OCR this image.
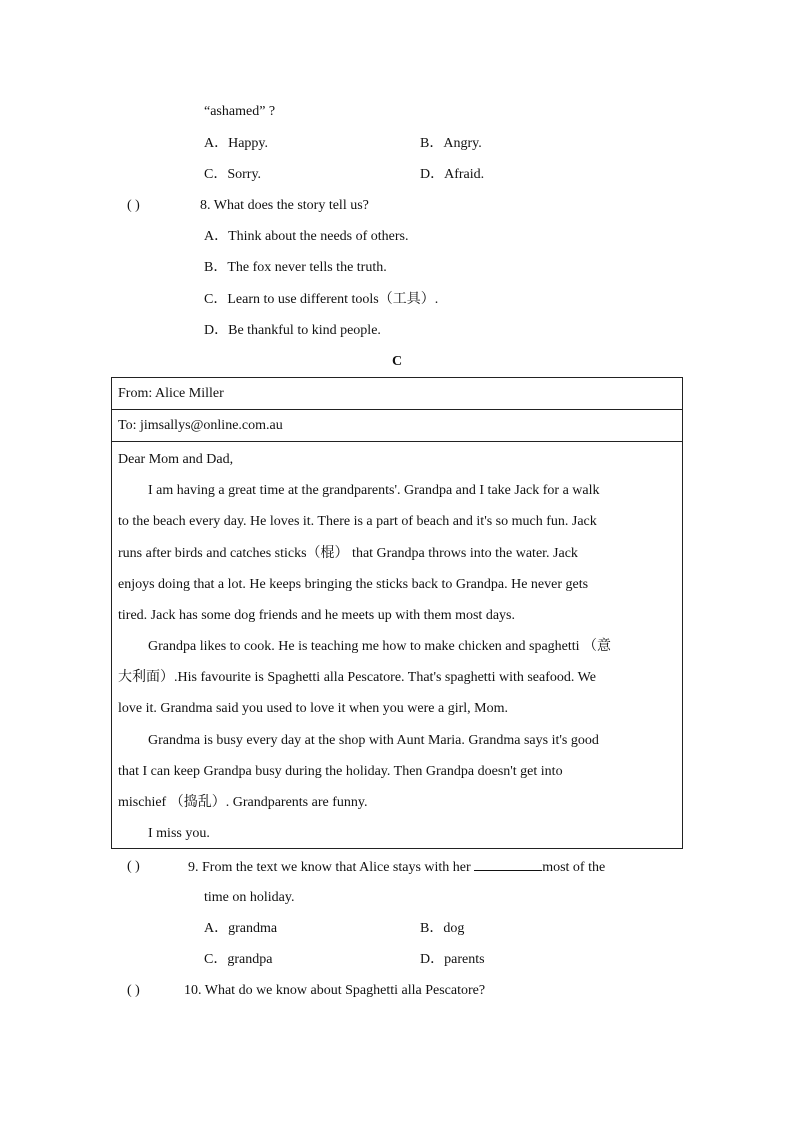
“ashamed” ?
A．Happy.	B．Angry.
C．Sorry.	D．Afraid.
( )	8. What does the story tell us?
A．Think about the needs of others.
B．The fox never tells the truth.
C．Learn to use different tools（工具）.
D．Be thankful to kind people.
C
From: Alice Miller
To: jimsallys@online.com.au
Dear Mom and Dad,
I am having a great time at the grandparents'. Grandpa and I take Jack for a walk
to the beach every day. He loves it. There is a part of beach and it's so much fun. Jack
runs after birds and catches sticks（棍） that Grandpa throws into the water. Jack
enjoys doing that a lot. He keeps bringing the sticks back to Grandpa. He never gets
tired. Jack has some dog friends and he meets up with them most days.
Grandpa likes to cook. He is teaching me how to make chicken and spaghetti （意
大利面）.His favourite is Spaghetti alla Pescatore. That's spaghetti with seafood. We
love it. Grandma said you used to love it when you were a girl, Mom.
Grandma is busy every day at the shop with Aunt Maria. Grandma says it's good
that I can keep Grandpa busy during the holiday. Then Grandpa doesn't get into
mischief （捣乱）. Grandparents are funny.
I miss you.
( )	9. From the text we know that Alice stays with her	most of the
time on holiday.
A．grandma	B．dog
C．grandpa	D．parents
( )	10. What do we know about Spaghetti alla Pescatore?
